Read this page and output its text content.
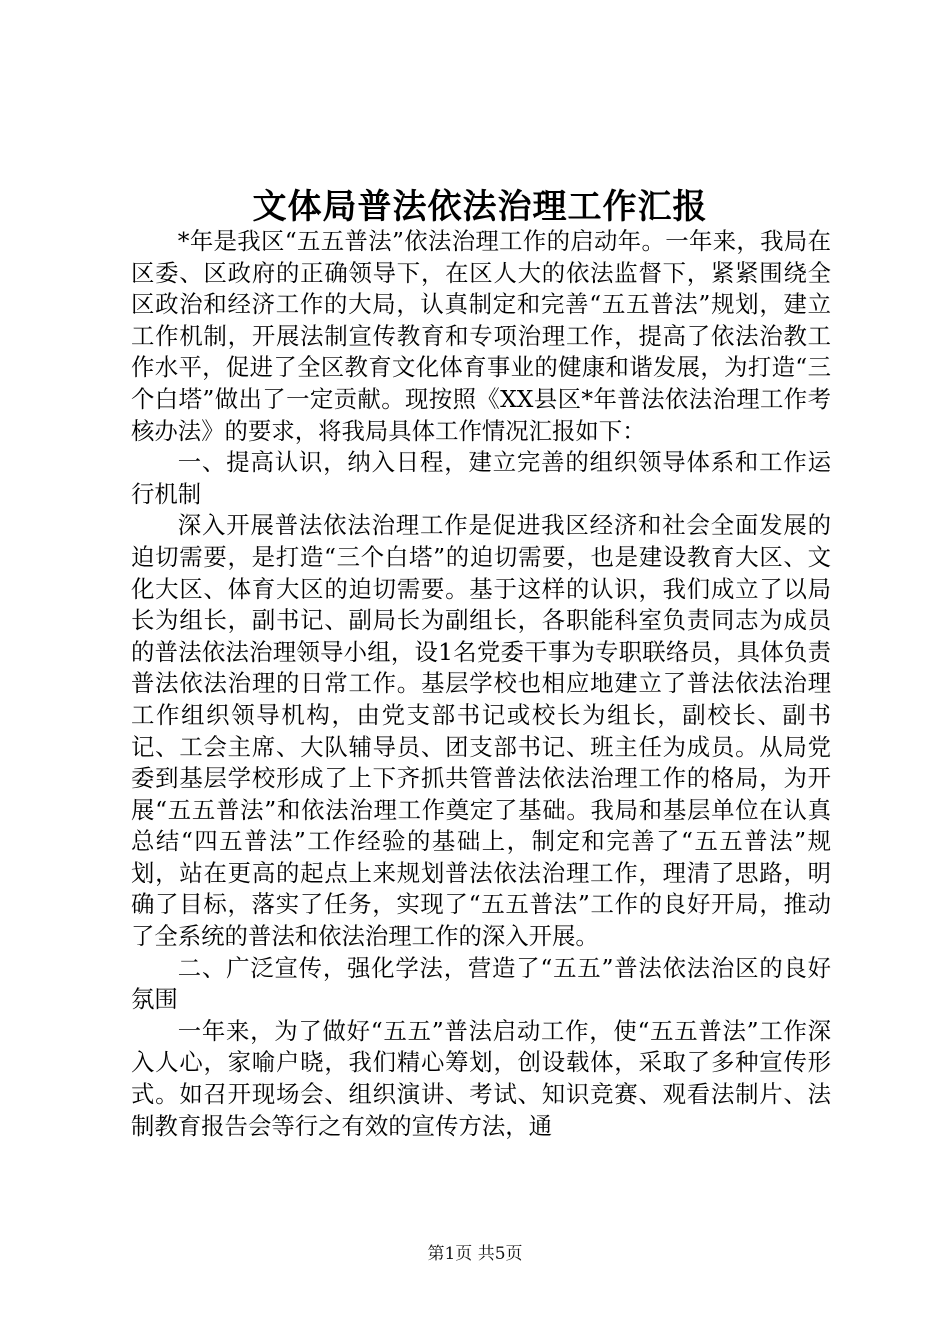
文体局普法依法治理工作汇报

*年是我区“五五普法”依法治理工作的启动年。一年来，我局在区委、区政府的正确领导下，在区人大的依法监督下，紧紧围绕全区政治和经济工作的大局，认真制定和完善“五五普法”规划，建立工作机制，开展法制宣传教育和专项治理工作，提高了依法治教工作水平，促进了全区教育文化体育事业的健康和谐发展，为打造“三个白塔”做出了一定贡献。现按照《XX县区*年普法依法治理工作考核办法》的要求，将我局具体工作情况汇报如下：

一、提高认识，纳入日程，建立完善的组织领导体系和工作运行机制

深入开展普法依法治理工作是促进我区经济和社会全面发展的迫切需要，是打造“三个白塔”的迫切需要，也是建设教育大区、文化大区、体育大区的迫切需要。基于这样的认识，我们成立了以局长为组长，副书记、副局长为副组长，各职能科室负责同志为成员的普法依法治理领导小组，设1名党委干事为专职联络员，具体负责普法依法治理的日常工作。基层学校也相应地建立了普法依法治理工作组织领导机构，由党支部书记或校长为组长，副校长、副书记、工会主席、大队辅导员、团支部书记、班主任为成员。从局党委到基层学校形成了上下齐抓共管普法依法治理工作的格局，为开展“五五普法”和依法治理工作奠定了基础。我局和基层单位在认真总结“四五普法”工作经验的基础上，制定和完善了“五五普法”规划，站在更高的起点上来规划普法依法治理工作，理清了思路，明确了目标，落实了任务，实现了“五五普法”工作的良好开局，推动了全系统的普法和依法治理工作的深入开展。

二、广泛宣传，强化学法，营造了“五五”普法依法治区的良好氛围

一年来，为了做好“五五”普法启动工作，使“五五普法”工作深入人心，家喻户晓，我们精心筹划，创设载体，采取了多种宣传形式。如召开现场会、组织演讲、考试、知识竞赛、观看法制片、法制教育报告会等行之有效的宣传方法，通

第1页 共5页
